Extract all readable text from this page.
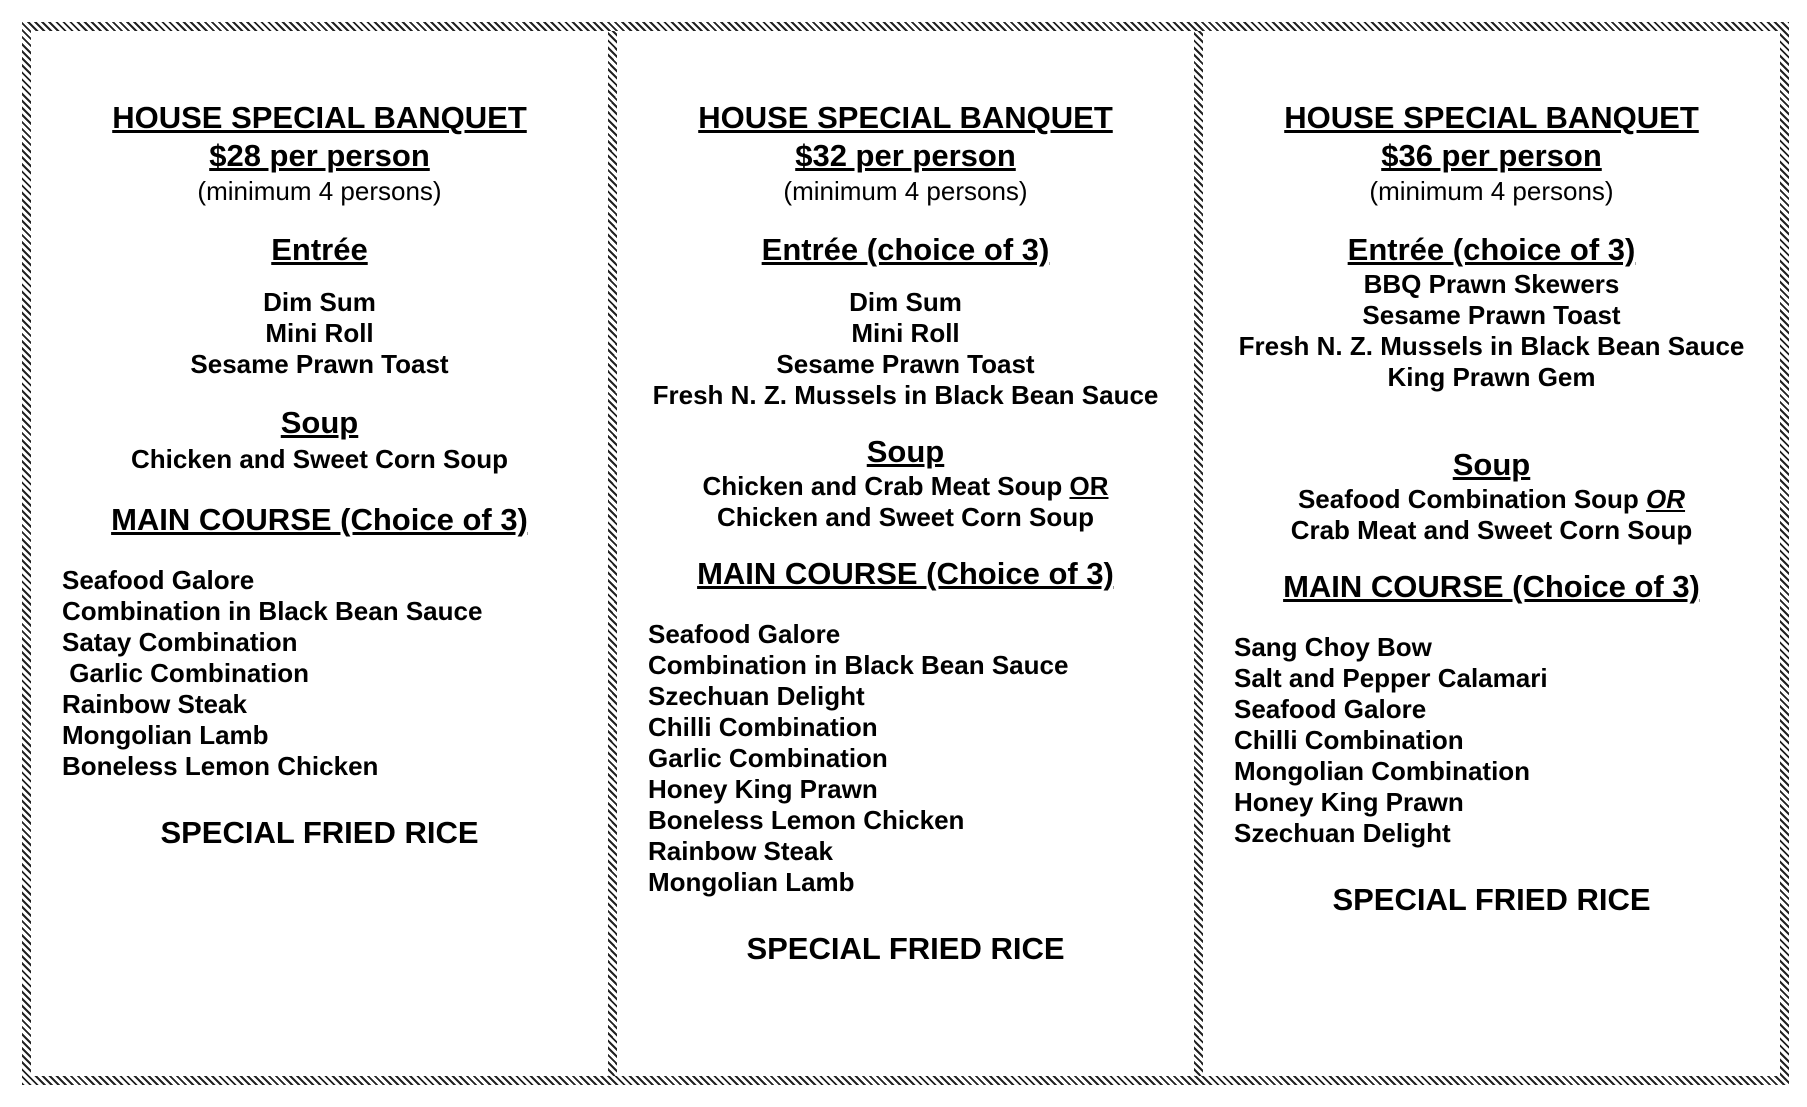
HOUSE SPECIAL BANQUET
$28 per person
(minimum 4 persons)
Entrée
Dim Sum
Mini Roll
Sesame Prawn Toast
Soup
Chicken and Sweet Corn Soup
MAIN COURSE (Choice of 3)
Seafood Galore
Combination in Black Bean Sauce
Satay Combination
Garlic Combination
Rainbow Steak
Mongolian Lamb
Boneless Lemon Chicken
SPECIAL FRIED RICE
HOUSE SPECIAL BANQUET
$32 per person
(minimum 4 persons)
Entrée (choice of 3)
Dim Sum
Mini Roll
Sesame Prawn Toast
Fresh N. Z. Mussels in Black Bean Sauce
Soup
Chicken and Crab Meat Soup OR
Chicken and Sweet Corn Soup
MAIN COURSE (Choice of 3)
Seafood Galore
Combination in Black Bean Sauce
Szechuan Delight
Chilli Combination
Garlic Combination
Honey King Prawn
Boneless Lemon Chicken
Rainbow Steak
Mongolian Lamb
SPECIAL FRIED RICE
HOUSE SPECIAL BANQUET
$36 per person
(minimum 4 persons)
Entrée (choice of 3)
BBQ Prawn Skewers
Sesame Prawn Toast
Fresh N. Z. Mussels in Black Bean Sauce
King Prawn Gem
Soup
Seafood Combination Soup OR
Crab Meat and Sweet Corn Soup
MAIN COURSE (Choice of 3)
Sang Choy Bow
Salt and Pepper Calamari
Seafood Galore
Chilli Combination
Mongolian Combination
Honey King Prawn
Szechuan Delight
SPECIAL FRIED RICE
